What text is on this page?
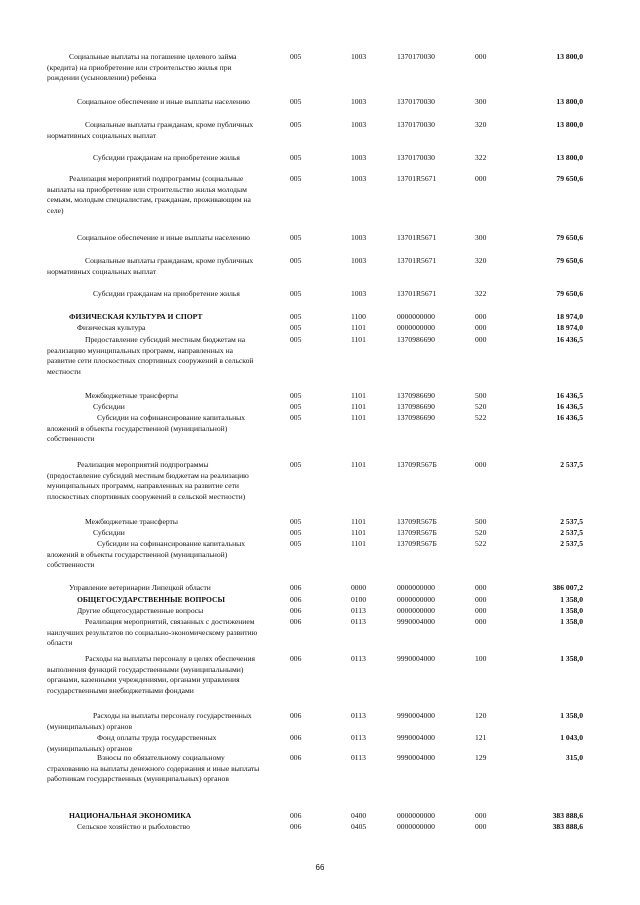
Социальные выплаты на погашение целевого займа (кредита) на приобретение или строительство жилья при рождении (усыновлении) ребенка
005	1003	1370170030	000	13 800,0
Социальное обеспечение и иные выплаты населению	005	1003	1370170030	300	13 800,0
Социальные выплаты гражданам, кроме публичных нормативных социальных выплат
005	1003	1370170030	320	13 800,0
Субсидии гражданам на приобретение жилья	005	1003	1370170030	322	13 800,0
Реализация мероприятий подпрограммы (социальные выплаты на приобретение или строительство жилья молодым семьям, молодым специалистам, гражданам, проживающим на селе)
005	1003	13701R5671	000	79 650,6
Социальное обеспечение и иные выплаты населению	005	1003	13701R5671	300	79 650,6
Социальные выплаты гражданам, кроме публичных нормативных социальных выплат
005	1003	13701R5671	320	79 650,6
Субсидии гражданам на приобретение жилья	005	1003	13701R5671	322	79 650,6
ФИЗИЧЕСКАЯ КУЛЬТУРА И СПОРТ	005	1100	0000000000	000	18 974,0
Физическая культура	005	1101	0000000000	000	18 974,0
Предоставление субсидий местным бюджетам на реализацию муниципальных программ, направленных на развитие сети плоскостных спортивных сооружений в сельской местности
005	1101	1370986690	000	16 436,5
Межбюджетные трансферты	005	1101	1370986690	500	16 436,5
Субсидии	005	1101	1370986690	520	16 436,5
Субсидии на софинансирование капитальных вложений в объекты государственной (муниципальной) собственности
005	1101	1370986690	522	16 436,5
Реализация мероприятий подпрограммы (предоставление субсидий местным бюджетам на реализацию муниципальных программ, направленных на развитие сети плоскостных спортивных сооружений в сельской местности)
005	1101	13709R567Б	000	2 537,5
Межбюджетные трансферты	005	1101	13709R567Б	500	2 537,5
Субсидии	005	1101	13709R567Б	520	2 537,5
Субсидии на софинансирование капитальных вложений в объекты государственной (муниципальной) собственности
005	1101	13709R567Б	522	2 537,5
Управление ветеринарии Липецкой области	006	0000	0000000000	000	386 007,2
ОБЩЕГОСУДАРСТВЕННЫЕ ВОПРОСЫ	006	0100	0000000000	000	1 358,0
Другие общегосударственные вопросы	006	0113	0000000000	000	1 358,0
Реализация мероприятий, связанных с достижением наилучших результатов по социально-экономическому развитию области
006	0113	9990004000	000	1 358,0
Расходы на выплаты персоналу в целях обеспечения выполнения функций государственными (муниципальными) органами, казенными учреждениями, органами управления государственными внебюджетными фондами
006	0113	9990004000	100	1 358,0
Расходы на выплаты персоналу государственных (муниципальных) органов
006	0113	9990004000	120	1 358,0
Фонд оплаты труда государственных (муниципальных) органов
006	0113	9990004000	121	1 043,0
Взносы по обязательному социальному страхованию на выплаты денежного содержания и иные выплаты работникам государственных (муниципальных) органов
006	0113	9990004000	129	315,0
НАЦИОНАЛЬНАЯ ЭКОНОМИКА	006	0400	0000000000	000	383 888,6
Сельское хозяйство и рыболовство	006	0405	0000000000	000	383 888,6
66
